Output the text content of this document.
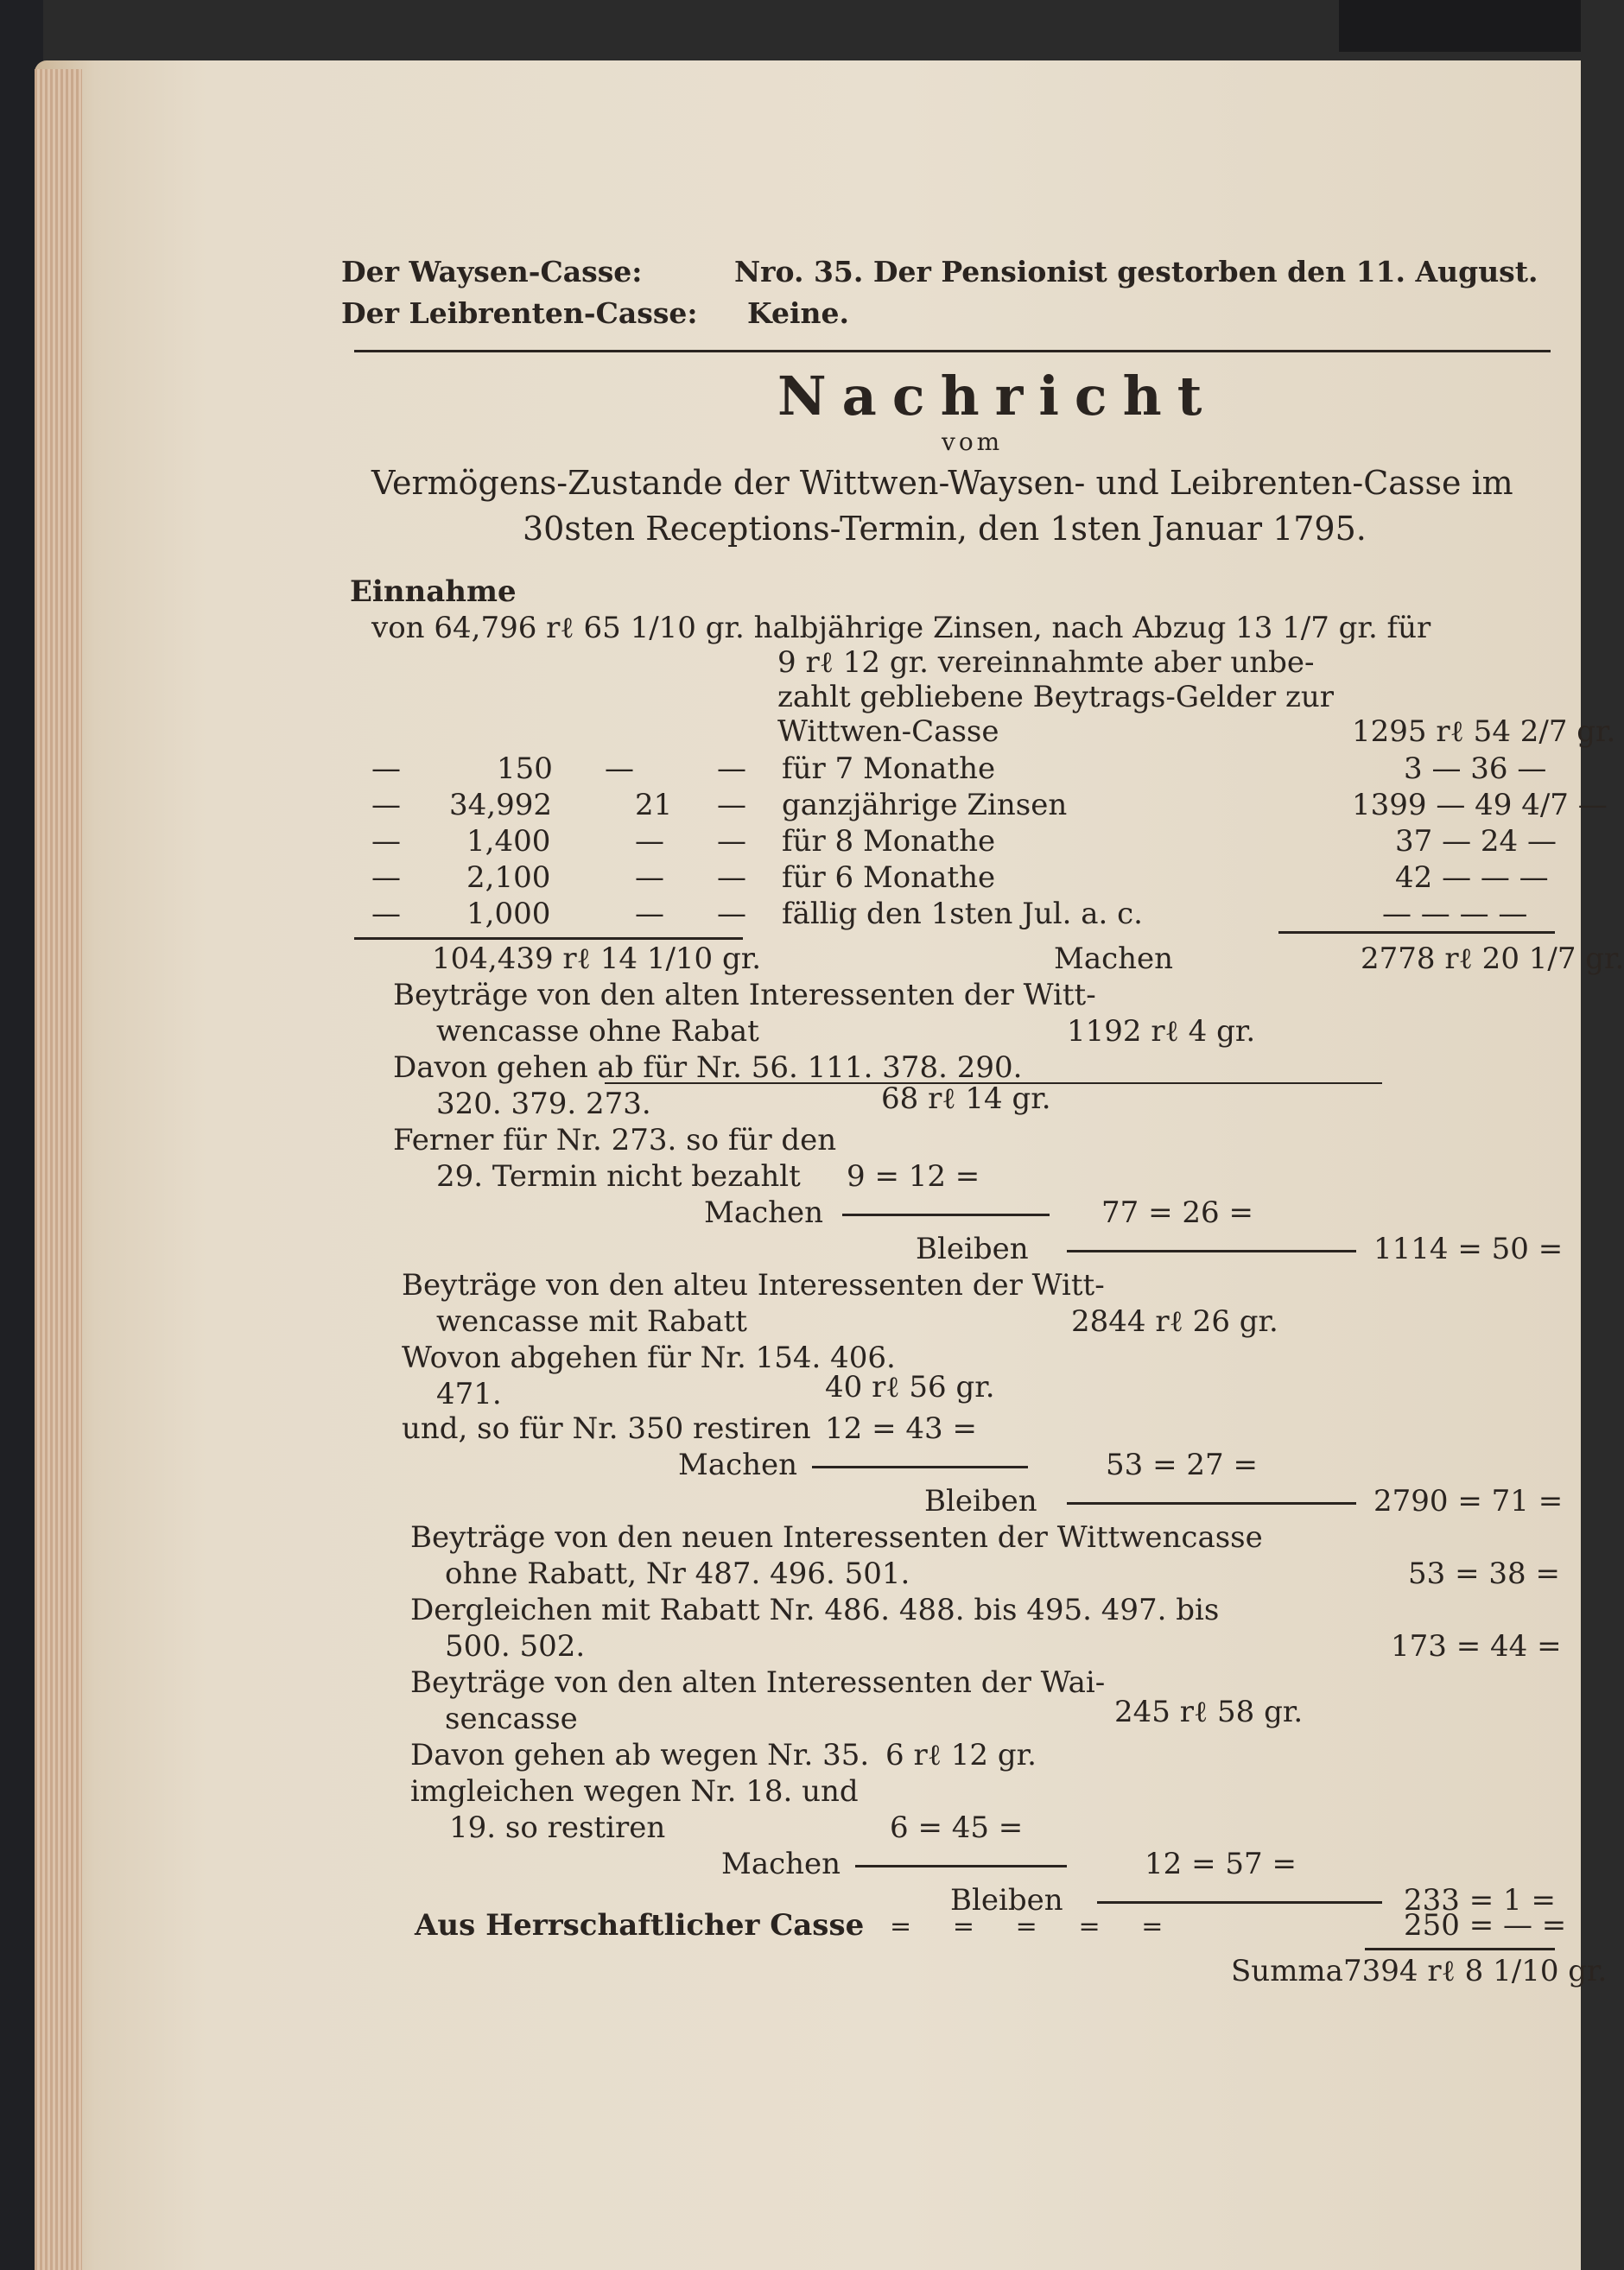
Der Waysen-Casse:	Nro. 35. Der Pensionist gestorben den 11. August.
Der Leibrenten-Casse: Keine.
Nachricht
vom
Vermögens-Zustande der Wittwen-Waysen- und Leibrenten-Casse im
30sten Receptions-Termin, den 1sten Januar 1795.
Einnahme
von 64,796 rℓ 65 1/10 gr. halbjährige Zinsen, nach Abzug 13 1/7 gr. für
9 rℓ 12 gr. vereinnahmte aber unbe-
zahlt gebliebene Beytrags-Gelder zur
Wittwen-Casse	1295 rℓ 54 2/7 gr.
—	150 —	— für 7 Monathe	3 — 36 —
— 34,992	21 — ganzjährige Zinsen	1399 — 49 4/7 —
— 1,400	— — für 8 Monathe	37 — 24 —
— 2,100	— — für 6 Monathe	42 — — —
— 1,000	— — fällig den 1sten Jul. a. c.	— — — —
104,439 rℓ 14 1/10 gr.	Machen	2778 rℓ 20 1/7 gr.
Beyträge von den alten Interessenten der Witt-
wencasse ohne Rabat	1192 rℓ 4 gr.
Davon gehen ab für Nr. 56. 111. 378. 290.
320. 379. 273.	68 rℓ 14 gr.
Ferner für Nr. 273. so für den
29. Termin nicht bezahlt 9 = 12 =
Machen	77 = 26 =
Bleiben	1114 = 50 =
Beyträge von den alteu Interessenten der Witt-
wencasse mit Rabatt	2844 rℓ 26 gr.
Wovon abgehen für Nr. 154. 406.
471.	40 rℓ 56 gr.
und, so für Nr. 350 restiren 12 = 43 =
Machen	53 = 27 =
Bleiben	2790 = 71 =
Beyträge von den neuen Interessenten der Wittwencasse
ohne Rabatt, Nr 487. 496. 501.	53 = 38 =
Dergleichen mit Rabatt Nr. 486. 488. bis 495. 497. bis
500. 502.	173 = 44 =
Beyträge von den alten Interessenten der Wai-
sencasse	245 rℓ 58 gr.
Davon gehen ab wegen Nr. 35. 6 rℓ 12 gr.
imgleichen wegen Nr. 18. und
19. so restiren	6 = 45 =
Machen	12 = 57 =
Bleiben	233 = 1 =
Aus Herrschaftlicher Casse =     =     =     =     =	250 = — =
Summa 7394 rℓ 8 1/10 gr.
